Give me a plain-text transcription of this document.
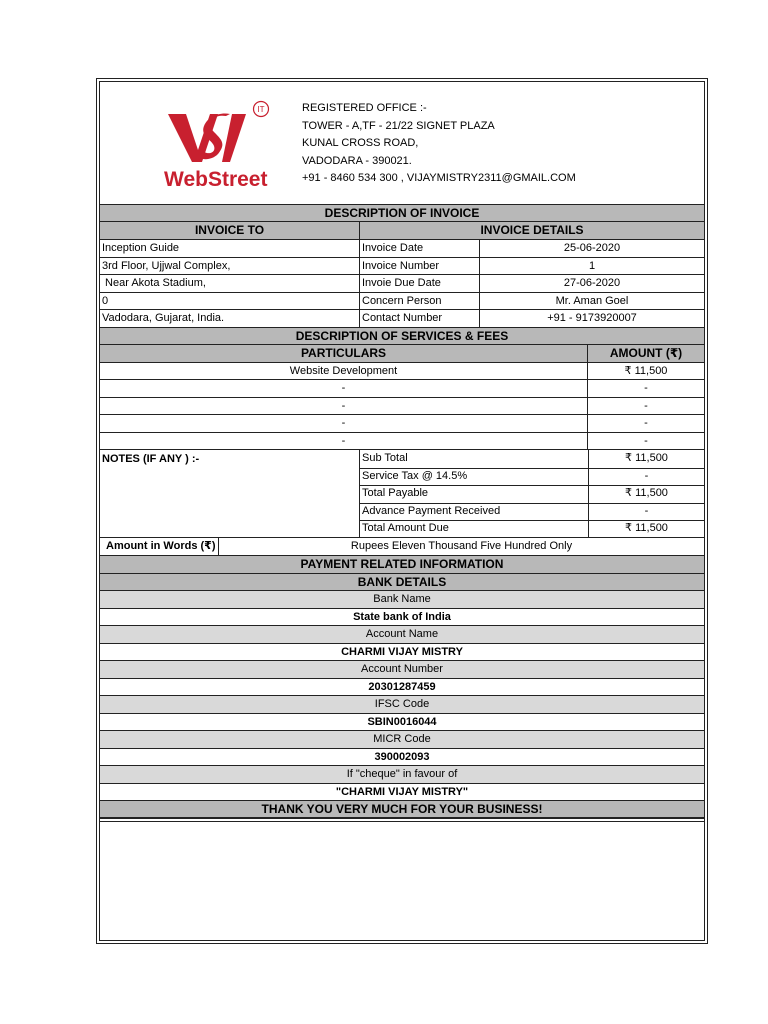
IT
WebStreet
REGISTERED OFFICE :-
TOWER - A,TF - 21/22 SIGNET PLAZA
KUNAL CROSS ROAD,
VADODARA - 390021.
+91 - 8460 534 300 , VIJAYMISTRY2311@GMAIL.COM
DESCRIPTION OF INVOICE
INVOICE TO	INVOICE DETAILS
Inception Guide	Invoice Date	25-06-2020
3rd Floor, Ujjwal Complex,	Invoice Number	1
Near Akota Stadium,	Invoie Due Date	27-06-2020
0	Concern Person	Mr. Aman Goel
Vadodara, Gujarat, India.	Contact Number	+91 - 9173920007
DESCRIPTION OF SERVICES & FEES
PARTICULARS	AMOUNT (₹)
Website Development	₹ 11,500
-	-
-	-
-	-
-	-
NOTES (IF ANY ) :-	Sub Total	₹ 11,500
Service Tax @ 14.5%	-
Total Payable	₹ 11,500
Advance Payment Received	-
Total Amount Due	₹ 11,500
Amount in Words (₹)	Rupees Eleven Thousand Five Hundred Only
PAYMENT RELATED INFORMATION
BANK DETAILS
Bank Name
State bank of India
Account Name
CHARMI VIJAY MISTRY
Account Number
20301287459
IFSC Code
SBIN0016044
MICR Code
390002093
If "cheque" in favour of
"CHARMI VIJAY MISTRY"
THANK YOU VERY MUCH FOR YOUR BUSINESS!
